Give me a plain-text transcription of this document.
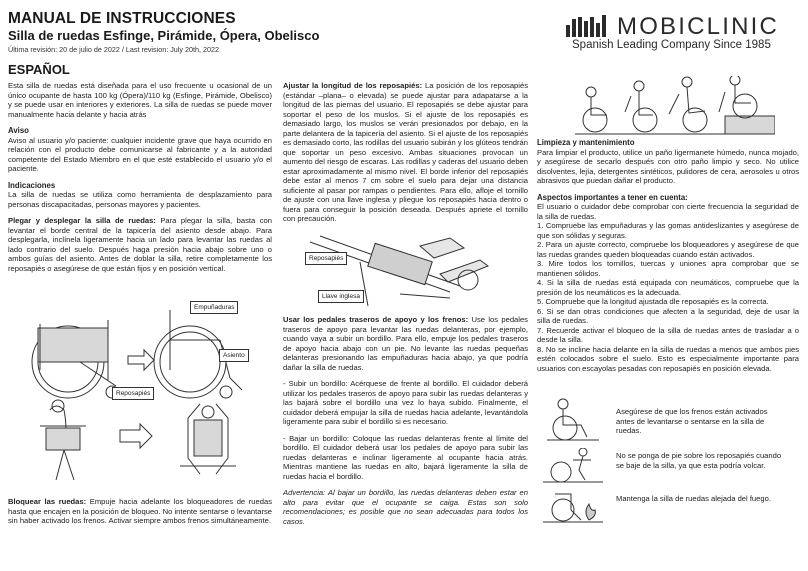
MANUAL DE INSTRUCCIONES
Silla de ruedas Esfinge, Pirámide, Ópera, Obelisco
Última revisión: 20 de julio de 2022 / Last revision: July 20th, 2022
MOBICLINIC
Spanish Leading Company Since 1985
ESPAÑOL

Esta silla de ruedas está diseñada para el uso frecuente u ocasional de un único ocupante de hasta 100 kg (Ópera)/110 kg (Esfinge, Pirámide, Obelisco) y se puede usar en interiores y exteriores. La silla de ruedas se puede mover manualmente hacia delante y hacia atrás

Aviso

Aviso al usuario y/o paciente: cualquier incidente grave que haya ocurrido en relación con el producto debe comunicarse al fabricante y a la autoridad competente del Estado Miembro en el que esté establecido el usuario y/o el paciente.

Indicaciones

La silla de ruedas se utiliza como herramienta de desplazamiento para personas discapacitadas, personas mayores y pacientes.

Plegar y desplegar la silla de ruedas: Para plegar la silla, basta con levantar el borde central de la tapicería del asiento desde abajo. Para desplegarla, inclínela ligeramente hacia un lado para levantar las ruedas al lado contrario del suelo. Después haga presión hacia abajo sobre uno o ambos guías del asiento. Antes de doblar la silla, retire completamente los reposapiés o asegúrese de que están fijos y en posición vertical.

Empuñaduras
Asiento
Reposapiés

Bloquear las ruedas: Empuje hacia adelante los bloqueadores de ruedas hasta que encajen en la posición de bloqueo. No intente sentarse o levantarse sin haber activado los frenos. Activar siempre ambos frenos simultáneamente.

Ajustar la longitud de los reposapiés: La posición de los reposapiés (estándar –plana– o elevada) se puede ajustar para adapatarse a la longitud de las piernas del usuario. El reposapiés se debe ajustar para soportar el peso de los muslos. Si el ajuste de los reposapiés es demasiado largo, los muslos se verán presionados por debajo, en la parte delantera de la tapicería del asiento. Si el ajuste de los reposapiés es demasiado corto, las rodillas del usuario subirán y los glúteos tendrán que soportar un peso excesivo. Ambas situaciones provocan un aumento del riesgo de escaras. Las rodillas y caderas del usuario deben estar aproximadamente al mismo nivel. El borde inferior del reposapiés debe estar al menos 7 cm sobre el suelo para dejar una distancia suficiente al pasar por rampas o pendientes. Para ello, afloje el tornillo de ajuste con una llave inglesa y pliegue los reposapiés hacia dentro o fuera para conseguir la posición deseada. Después apriete el tornillo con precaución.

Reposapiés
Llave inglesa

Usar los pedales traseros de apoyo y los frenos: Use los pedales traseros de apoyo para levantar las ruedas delanteras, por ejemplo, cuando vaya a subir un bordillo. Para ello, empuje los pedales traseros de apoyo hacia abajo con un pie. No levante las ruedas pequeñas delanteras presionando las empuñaduras hacia abajo, ya que podría dañar la silla de ruedas.

- Subir un bordillo: Acérquese de frente al bordillo. El cuidador deberá utilizar los pedales traseros de apoyo para subir las ruedas delanteras y las bajará sobre el bordillo una vez lo haya subido. Finalmente, el cuidador deberá empujar la silla de ruedas hacia adelante, levantándola ligeramente para subir el bordillo si es necesario.

- Bajar un bordillo: Coloque las ruedas delanteras frente al límite del bordillo. El cuidador deberá usar los pedales de apoyo para subir las ruedas delanteras e inclinar ligeramente al ocupante hacia atrás. Mientras mantiene las ruedas en alto, bajará ligeramente la silla de ruedas hacia el bordillo.

Advertencia: Al bajar un bordillo, las ruedas delanteras deben estar en alto para evitar que el ocupante se caiga. Estas son solo recomendaciones; es posible que no sean adecuadas para todos los casos.

Limpieza y mantenimiento

Para limpiar el producto, utilice un paño ligermanete húmedo, nunca mojado, y asegúrese de secarlo después con otro paño limpio y seco. No utilice disolventes, lejía, detergentes sintéticos, pulidores de cera, aerosoles u otros abrasivos que puedan dañar el producto.

Aspectos importantes a tener en cuenta:
El usuario o cuidador debe comprobar con cierte frecuencia la seguridad de la silla de ruedas.
1. Compruebe las empuñaduras y las gomas antideslizantes y asegúrese de que son sólidas y seguras.
2. Para un ajuste correcto, compruebe los bloqueadores y asegúrese de que las ruedas grandes queden bloqueadas cuando están activados.
3. Mire todos los tornillos, tuercas y uniones apra comprobar que se mantienen sólidos.
4. Si la silla de ruedas está equipada con neumáticos, compruebe que la presión de los neumáticos es la adecuada.
5. Compruebe que la longitud ajustada dle reposapiés es la correcta.
6. Si se dan otras condiciones que afecten a la seguridad, deje de usar la silla de ruedas.
7. Recuerde activar el bloqueo de la silla de ruedas antes de trasladar a o desde la silla.
8. No se incline hacia delante en la silla de ruedas a menos que ambos pies estén colocados sobre el suelo. Esto es especialmente importante para usuarios con escayolas pesadas con reposapiés en posición elevada.
Asegúrese de que los frenos están activados antes de levantarse o sentarse en la silla de ruedas.
No se ponga de pie sobre los reposapiés cuando se baje de la silla, ya que esta podría volcar.
Mantenga la silla de ruedas alejada del fuego.
